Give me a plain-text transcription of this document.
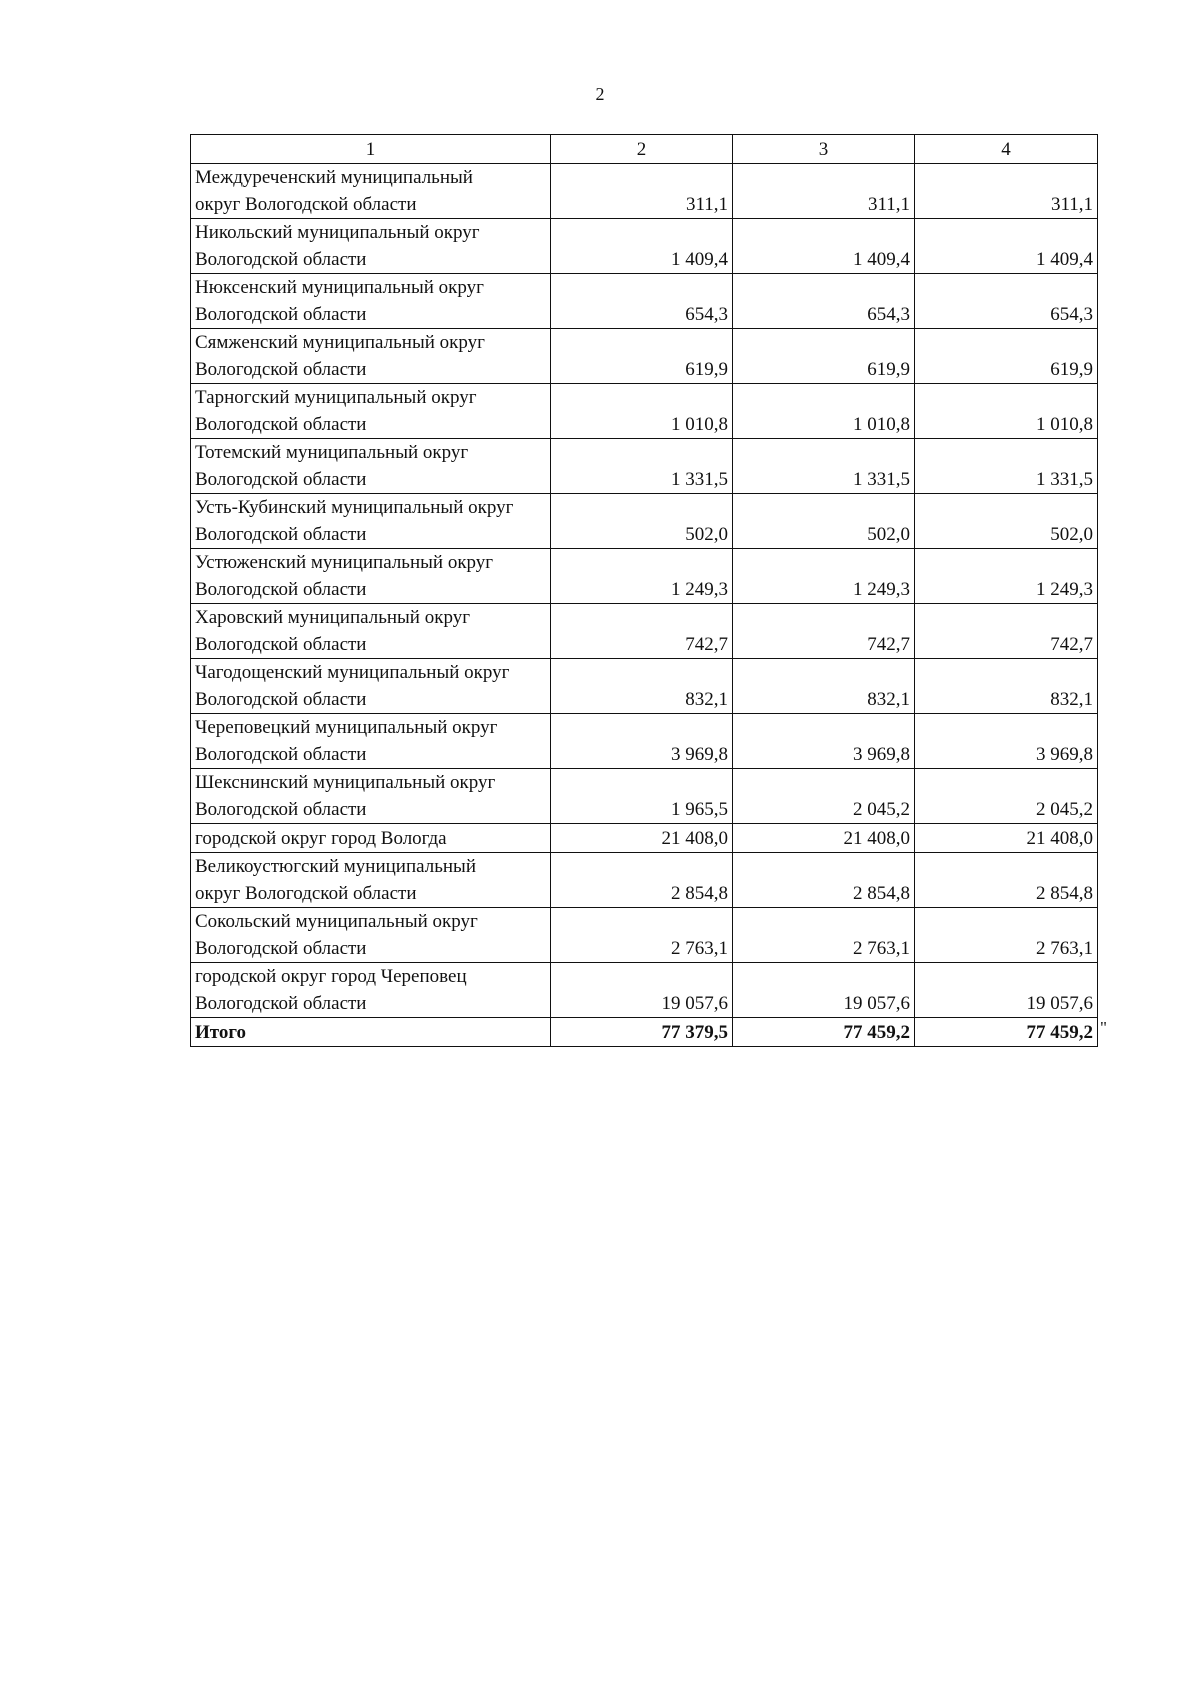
2
1	2	3	4
Междуреченский муниципальный
округ Вологодской области	311,1	311,1	311,1
Никольский муниципальный округ
Вологодской области	1 409,4	1 409,4	1 409,4
Нюксенский муниципальный округ
Вологодской области	654,3	654,3	654,3
Сямженский муниципальный округ
Вологодской области	619,9	619,9	619,9
Тарногский муниципальный округ
Вологодской области	1 010,8	1 010,8	1 010,8
Тотемский муниципальный округ
Вологодской области	1 331,5	1 331,5	1 331,5
Усть-Кубинский муниципальный округ
Вологодской области	502,0	502,0	502,0
Устюженский муниципальный округ
Вологодской области	1 249,3	1 249,3	1 249,3
Харовский муниципальный округ
Вологодской области	742,7	742,7	742,7
Чагодощенский муниципальный округ
Вологодской области	832,1	832,1	832,1
Череповецкий муниципальный округ
Вологодской области	3 969,8	3 969,8	3 969,8
Шекснинский муниципальный округ
Вологодской области	1 965,5	2 045,2	2 045,2
городской округ город Вологда	21 408,0	21 408,0	21 408,0
Великоустюгский муниципальный
округ Вологодской области	2 854,8	2 854,8	2 854,8
Сокольский муниципальный округ
Вологодской области	2 763,1	2 763,1	2 763,1
городской округ город Череповец
Вологодской области	19 057,6	19 057,6	19 057,6
Итого	77 379,5	77 459,2	77 459,2 "
